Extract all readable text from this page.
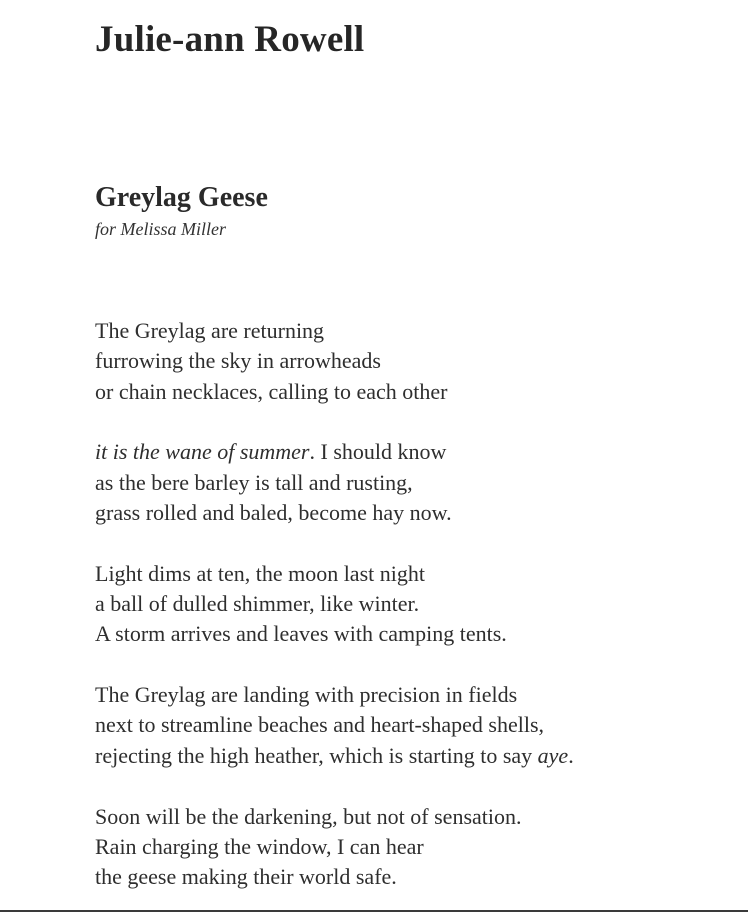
Julie-ann Rowell
Greylag Geese
for Melissa Miller
The Greylag are returning
furrowing the sky in arrowheads
or chain necklaces, calling to each other
it is the wane of summer. I should know
as the bere barley is tall and rusting,
grass rolled and baled, become hay now.
Light dims at ten, the moon last night
a ball of dulled shimmer, like winter.
A storm arrives and leaves with camping tents.
The Greylag are landing with precision in fields
next to streamline beaches and heart-shaped shells,
rejecting the high heather, which is starting to say aye.
Soon will be the darkening, but not of sensation.
Rain charging the window, I can hear
the geese making their world safe.
